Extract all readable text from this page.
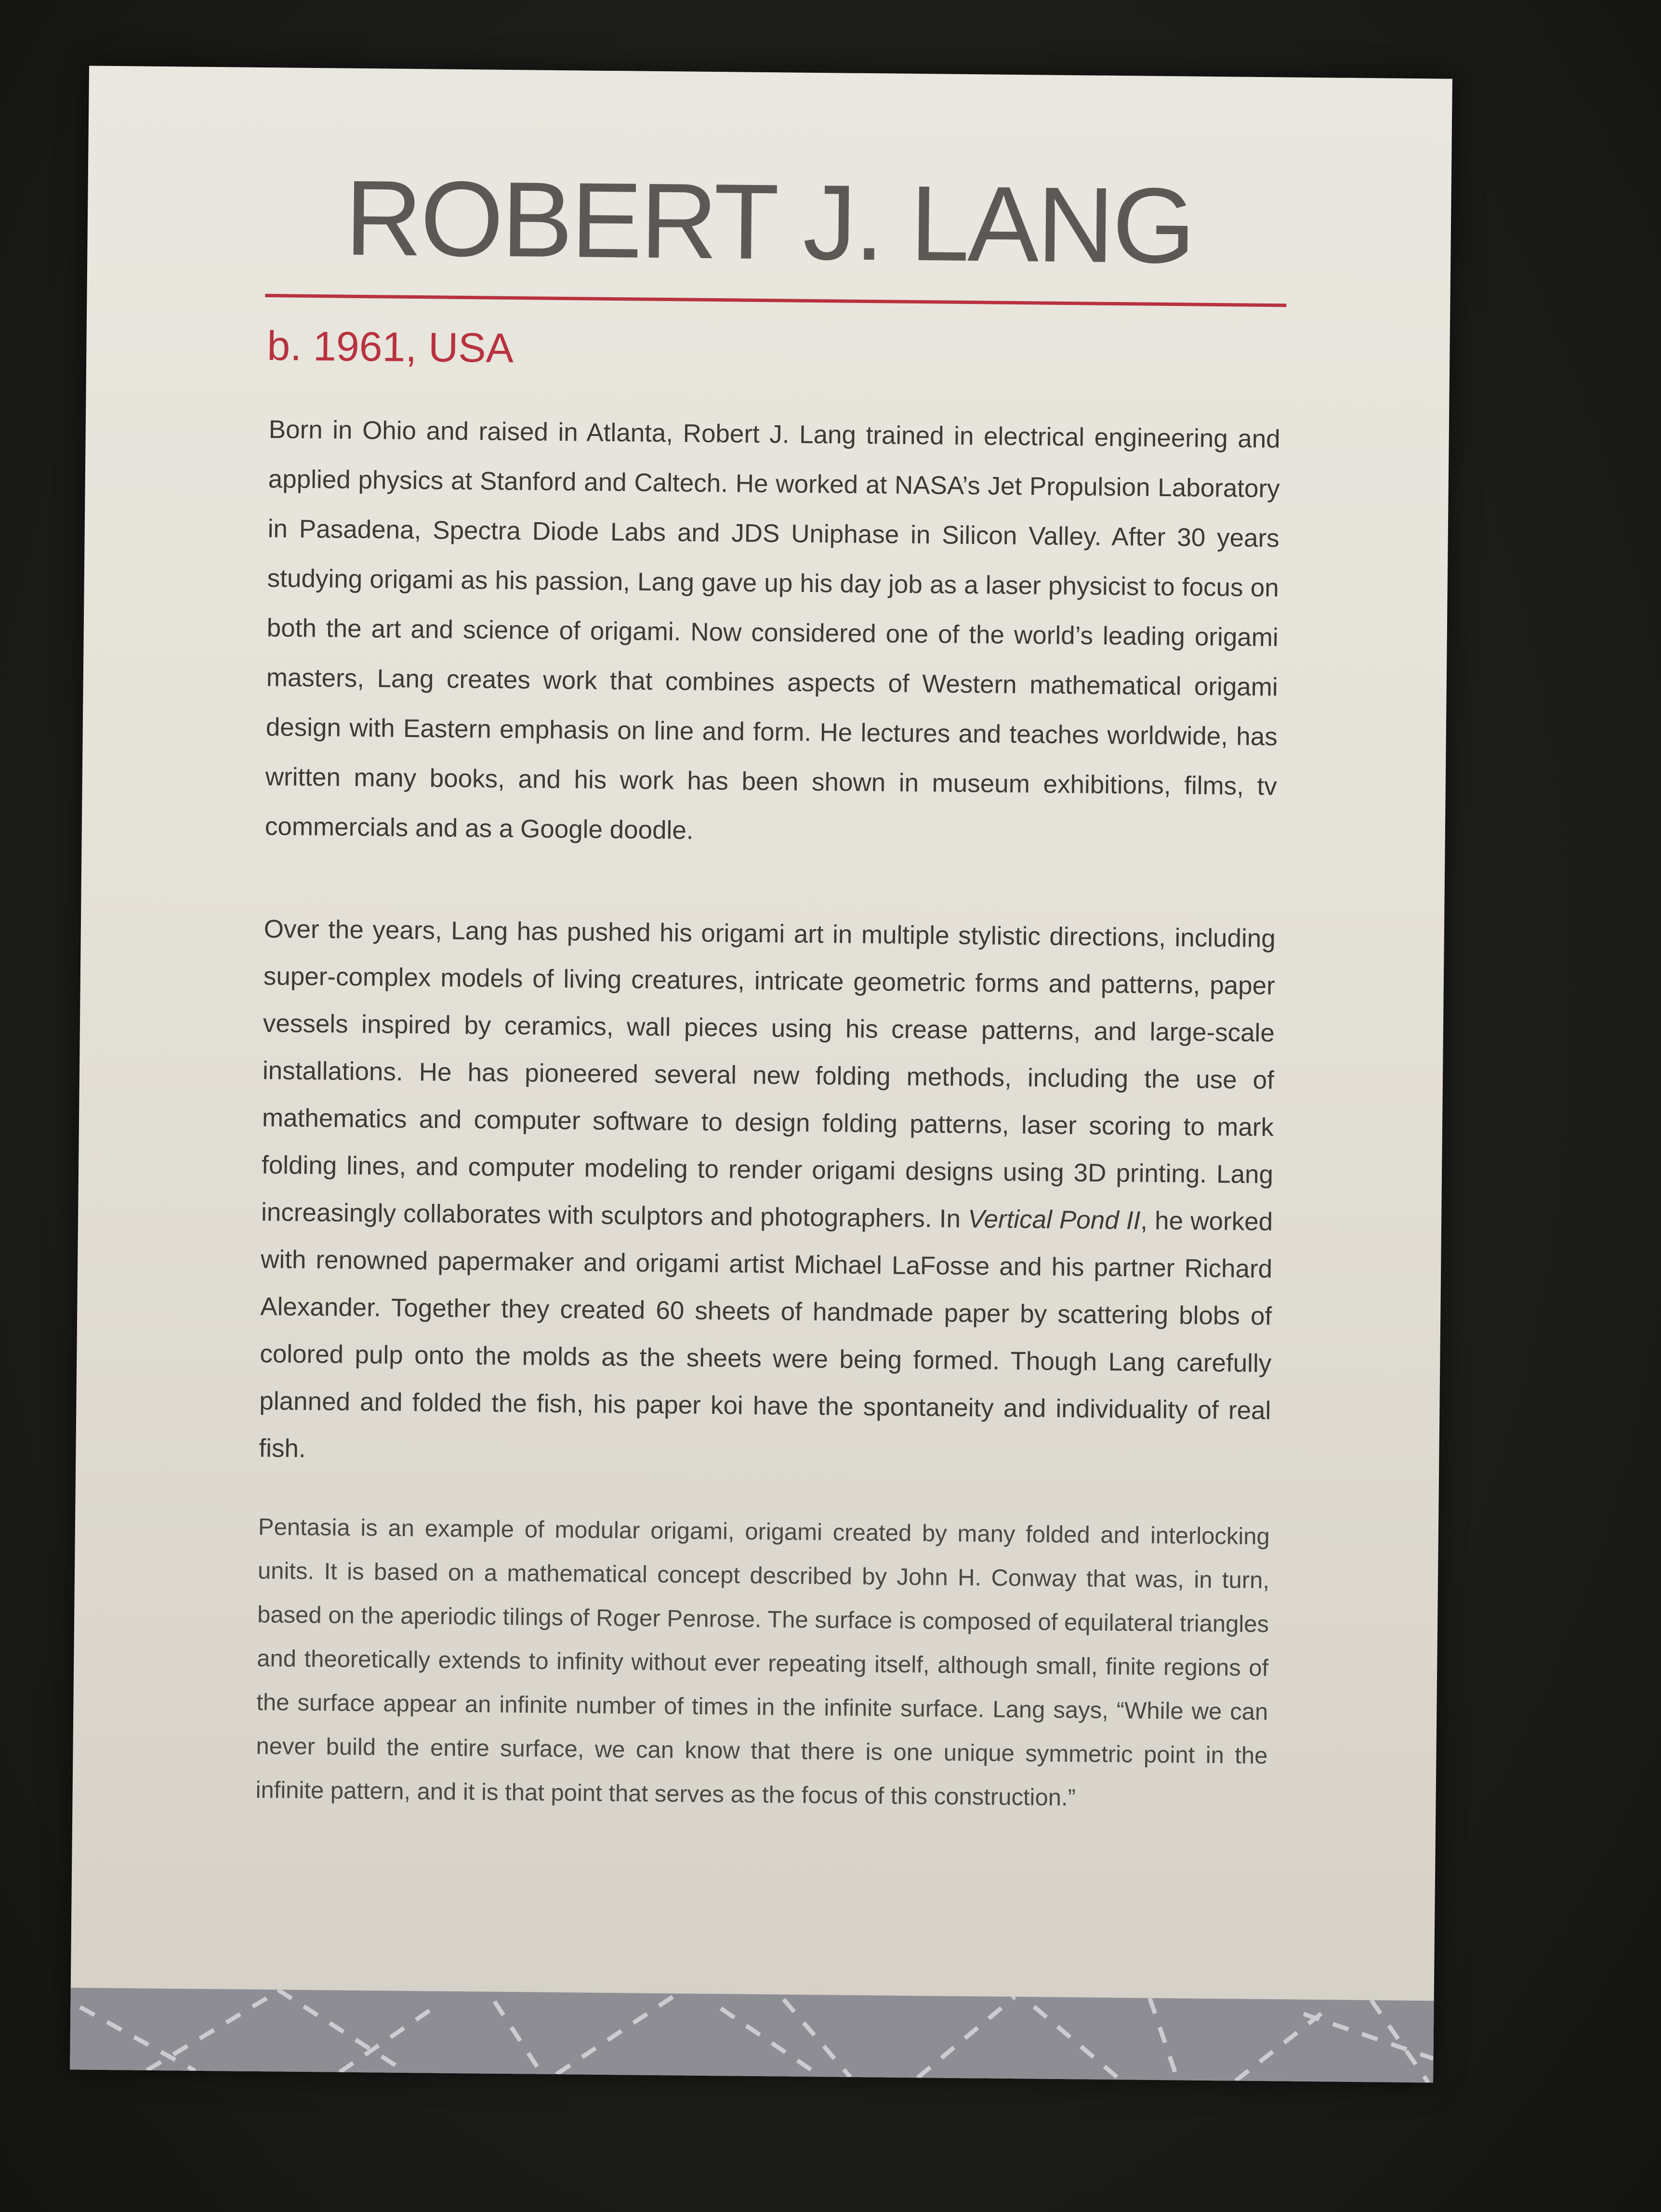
ROBERT J. LANG
b. 1961, USA

Born in Ohio and raised in Atlanta, Robert J. Lang trained in electrical engineering and applied physics at Stanford and Caltech. He worked at NASA’s Jet Propulsion Laboratory in Pasadena, Spectra Diode Labs and JDS Uniphase in Silicon Valley. After 30 years studying origami as his passion, Lang gave up his day job as a laser physicist to focus on both the art and science of origami. Now considered one of the world’s leading origami masters, Lang creates work that combines aspects of Western mathematical origami design with Eastern emphasis on line and form. He lectures and teaches worldwide, has written many books, and his work has been shown in museum exhibitions, films, tv commercials and as a Google doodle.

Over the years, Lang has pushed his origami art in multiple stylistic directions, including super-complex models of living creatures, intricate geometric forms and patterns, paper vessels inspired by ceramics, wall pieces using his crease patterns, and large-scale installations. He has pioneered several new folding methods, including the use of mathematics and computer software to design folding patterns, laser scoring to mark folding lines, and computer modeling to render origami designs using 3D printing. Lang increasingly collaborates with sculptors and photographers. In Vertical Pond II, he worked with renowned papermaker and origami artist Michael LaFosse and his partner Richard Alexander. Together they created 60 sheets of handmade paper by scattering blobs of colored pulp onto the molds as the sheets were being formed. Though Lang carefully planned and folded the fish, his paper koi have the spontaneity and individuality of real fish.

Pentasia is an example of modular origami, origami created by many folded and interlocking units. It is based on a mathematical concept described by John H. Conway that was, in turn, based on the aperiodic tilings of Roger Penrose. The surface is composed of equilateral triangles and theoretically extends to infinity without ever repeating itself, although small, finite regions of the surface appear an infinite number of times in the infinite surface. Lang says, “While we can never build the entire surface, we can know that there is one unique symmetric point in the infinite pattern, and it is that point that serves as the focus of this construction.”
